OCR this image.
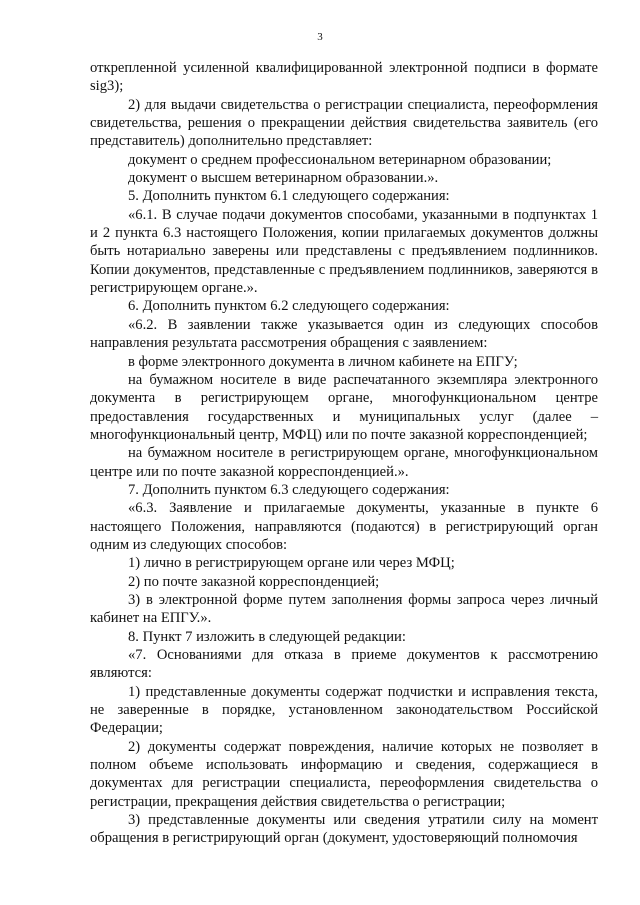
3

открепленной усиленной квалифицированной электронной подписи в формате sig3);

2) для выдачи свидетельства о регистрации специалиста, переоформления свидетельства, решения о прекращении действия свидетельства заявитель (его представитель) дополнительно представляет:

документ о среднем профессиональном ветеринарном образовании;

документ о высшем ветеринарном образовании.».

5. Дополнить пунктом 6.1 следующего содержания:

«6.1. В случае подачи документов способами, указанными в подпунктах 1 и 2 пункта 6.3 настоящего Положения, копии прилагаемых документов должны быть нотариально заверены или представлены с предъявлением подлинников. Копии документов, представленные с предъявлением подлинников, заверяются в регистрирующем органе.».

6. Дополнить пунктом 6.2 следующего содержания:

«6.2. В заявлении также указывается один из следующих способов направления результата рассмотрения обращения с заявлением:

в форме электронного документа в личном кабинете на ЕПГУ;

на бумажном носителе в виде распечатанного экземпляра электронного документа в регистрирующем органе, многофункциональном центре предоставления государственных и муниципальных услуг (далее – многофункциональный центр, МФЦ) или по почте заказной корреспонденцией;

на бумажном носителе в регистрирующем органе, многофункциональном центре или по почте заказной корреспонденцией.».

7. Дополнить пунктом 6.3 следующего содержания:

«6.3. Заявление и прилагаемые документы, указанные в пункте 6 настоящего Положения, направляются (подаются) в регистрирующий орган одним из следующих способов:

1) лично в регистрирующем органе или через МФЦ;

2) по почте заказной корреспонденцией;

3) в электронной форме путем заполнения формы запроса через личный кабинет на ЕПГУ.».

8. Пункт 7 изложить в следующей редакции:

«7. Основаниями для отказа в приеме документов к рассмотрению являются:

1) представленные документы содержат подчистки и исправления текста, не заверенные в порядке, установленном законодательством Российской Федерации;

2) документы содержат повреждения, наличие которых не позволяет в полном объеме использовать информацию и сведения, содержащиеся в документах для регистрации специалиста, переоформления свидетельства о регистрации, прекращения действия свидетельства о регистрации;

3) представленные документы или сведения утратили силу на момент обращения в регистрирующий орган (документ, удостоверяющий полномочия
